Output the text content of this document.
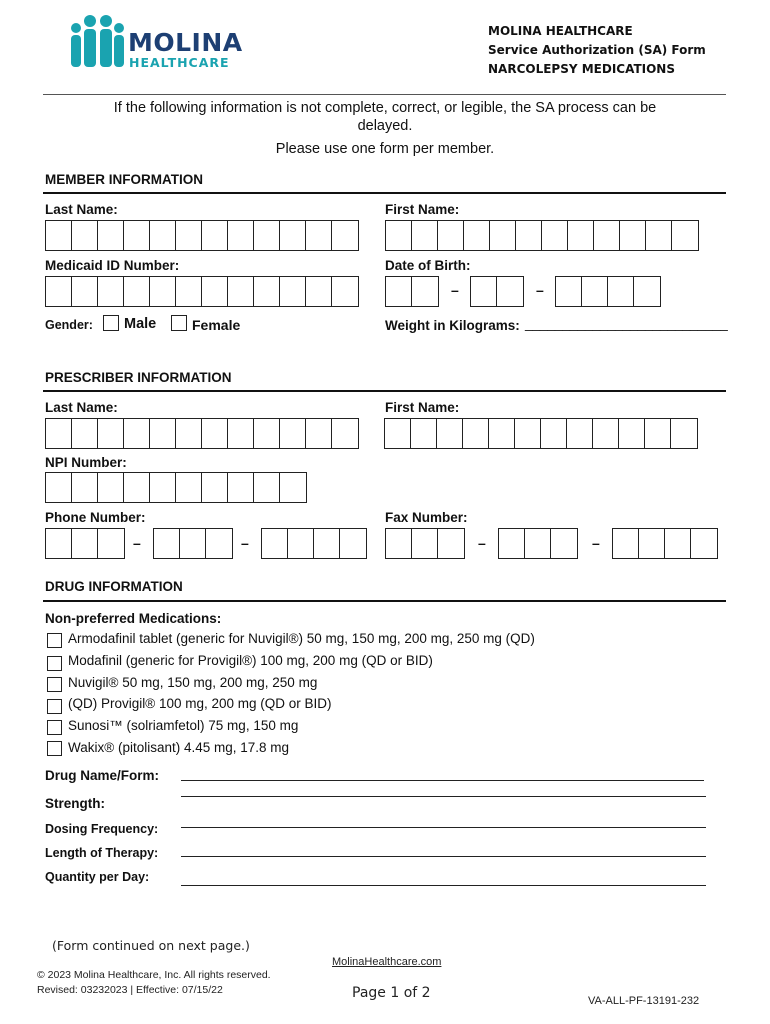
MOLINA
HEALTHCARE
MOLINA HEALTHCARE
Service Authorization (SA) Form
NARCOLEPSY MEDICATIONS
If the following information is not complete, correct, or legible, the SA process can be
delayed.
Please use one form per member.
MEMBER INFORMATION
Last Name:	First Name:
Medicaid ID Number:	Date of Birth:
–	–
Gender: Male	Female	Weight in Kilograms: ___________________________
PRESCRIBER INFORMATION
Last Name:	First Name:
NPI Number:
Phone Number:
–	–
Fax Number:
–	–
DRUG INFORMATION
Non-preferred Medications:
Armodafinil tablet (generic for Nuvigil®) 50 mg, 150 mg, 200 mg, 250 mg (QD)
Modafinil (generic for Provigil®) 100 mg, 200 mg (QD or BID)
Nuvigil® 50 mg, 150 mg, 200 mg, 250 mg
(QD) Provigil® 100 mg, 200 mg (QD or BID)
Sunosi™ (solriamfetol) 75 mg, 150 mg
Wakix® (pitolisant) 4.45 mg, 17.8 mg
Drug Name/Form:
Strength:
Dosing Frequency:
Length of Therapy:
Quantity per Day:
(Form continued on next page.)
MolinaHealthcare.com
© 2023 Molina Healthcare, Inc. All rights reserved.
Revised: 03232023 | Effective: 07/15/22	Page 1 of 2	VA-ALL-PF-13191-232
